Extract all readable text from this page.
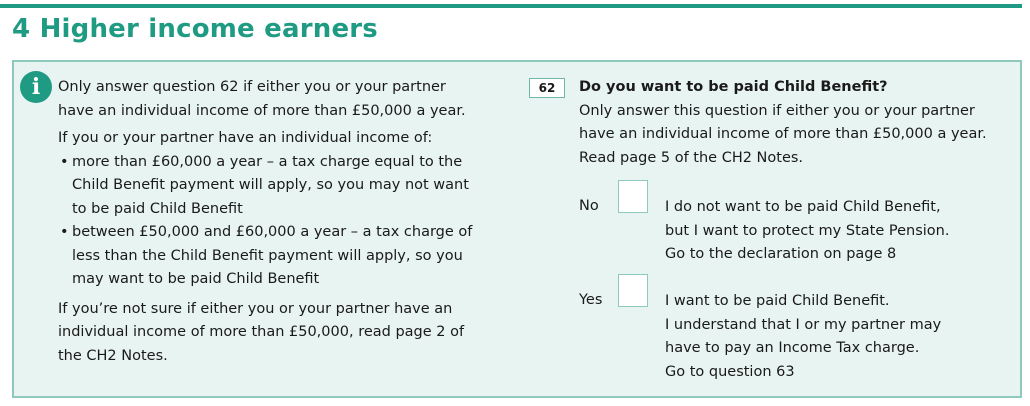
4 Higher income earners
i	Only answer question 62 if either you or your partner have an individual income of more than £50,000 a year.

If you or your partner have an individual income of:

• more than £60,000 a year – a tax charge equal to the Child Benefit payment will apply, so you may not want to be paid Child Benefit
• between £50,000 and £60,000 a year – a tax charge of less than the Child Benefit payment will apply, so you may want to be paid Child Benefit

If you’re not sure if either you or your partner have an individual income of more than £50,000, read page 2 of the CH2 Notes.

62	Do you want to be paid Child Benefit?

Only answer this question if either you or your partner have an individual income of more than £50,000 a year.

Read page 5 of the CH2 Notes.

No	I do not want to be paid Child Benefit,

but I want to protect my State Pension.

Go to the declaration on page 8

Yes	I want to be paid Child Benefit.

I understand that I or my partner may

have to pay an Income Tax charge.

Go to question 63
